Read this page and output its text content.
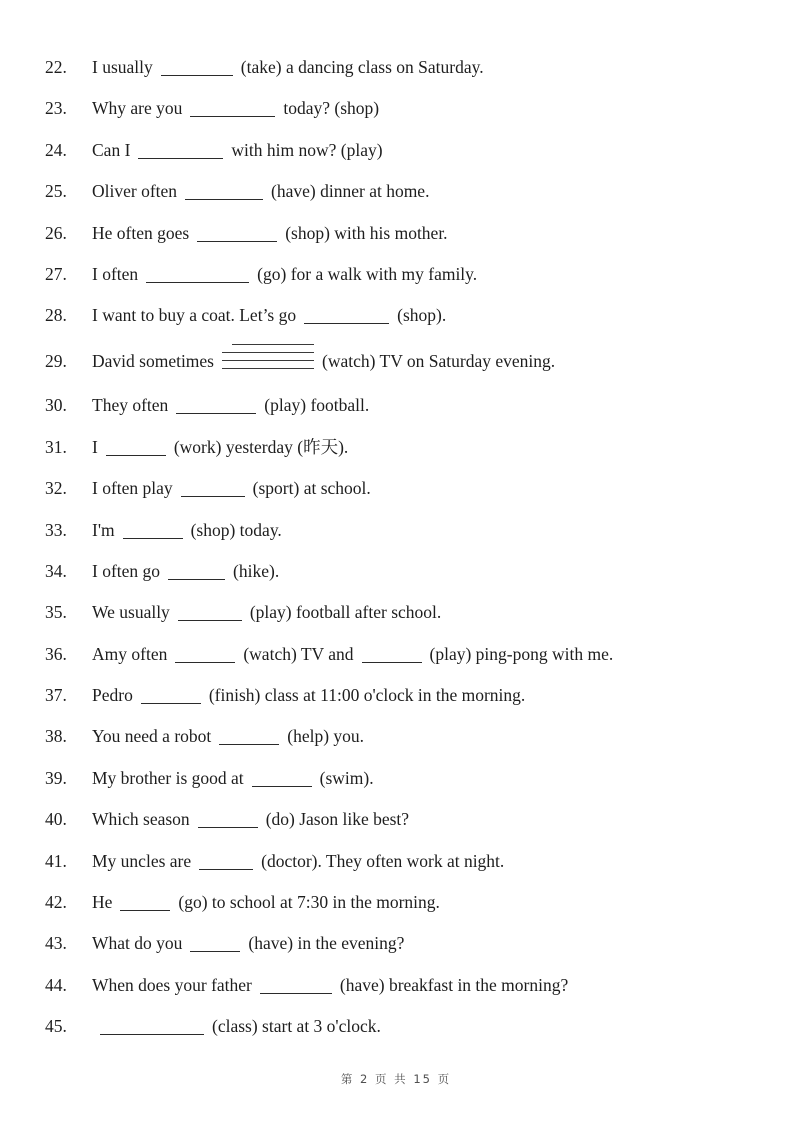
22. I usually	(take) a dancing class on Saturday.
23. Why are you	today? (shop)
24. Can I	with him now? (play)
25. Oliver often	(have) dinner at home.
26. He often goes	(shop) with his mother.
27. I often	(go) for a walk with my family.
28. I want to buy a coat. Let’s go	(shop).
29. David sometimes	(watch) TV on Saturday evening.
30. They often	(play) football.
31. I	(work) yesterday (昨天).
32. I often play	(sport) at school.
33. I'm	(shop) today.
34. I often go	(hike).
35. We usually	(play) football after school.
36. Amy often	(watch) TV and	(play) ping-pong with me.
37. Pedro	(finish) class at 11:00 o'clock in the morning.
38. You need a robot	(help) you.
39. My brother is good at	(swim).
40. Which season	(do) Jason like best?
41. My uncles are	(doctor). They often work at night.
42. He	(go) to school at 7:30 in the morning.
43. What do you	(have) in the evening?
44. When does your father	(have) breakfast in the morning?
45.	(class) start at 3 o'clock.
第 2 页 共 15 页
